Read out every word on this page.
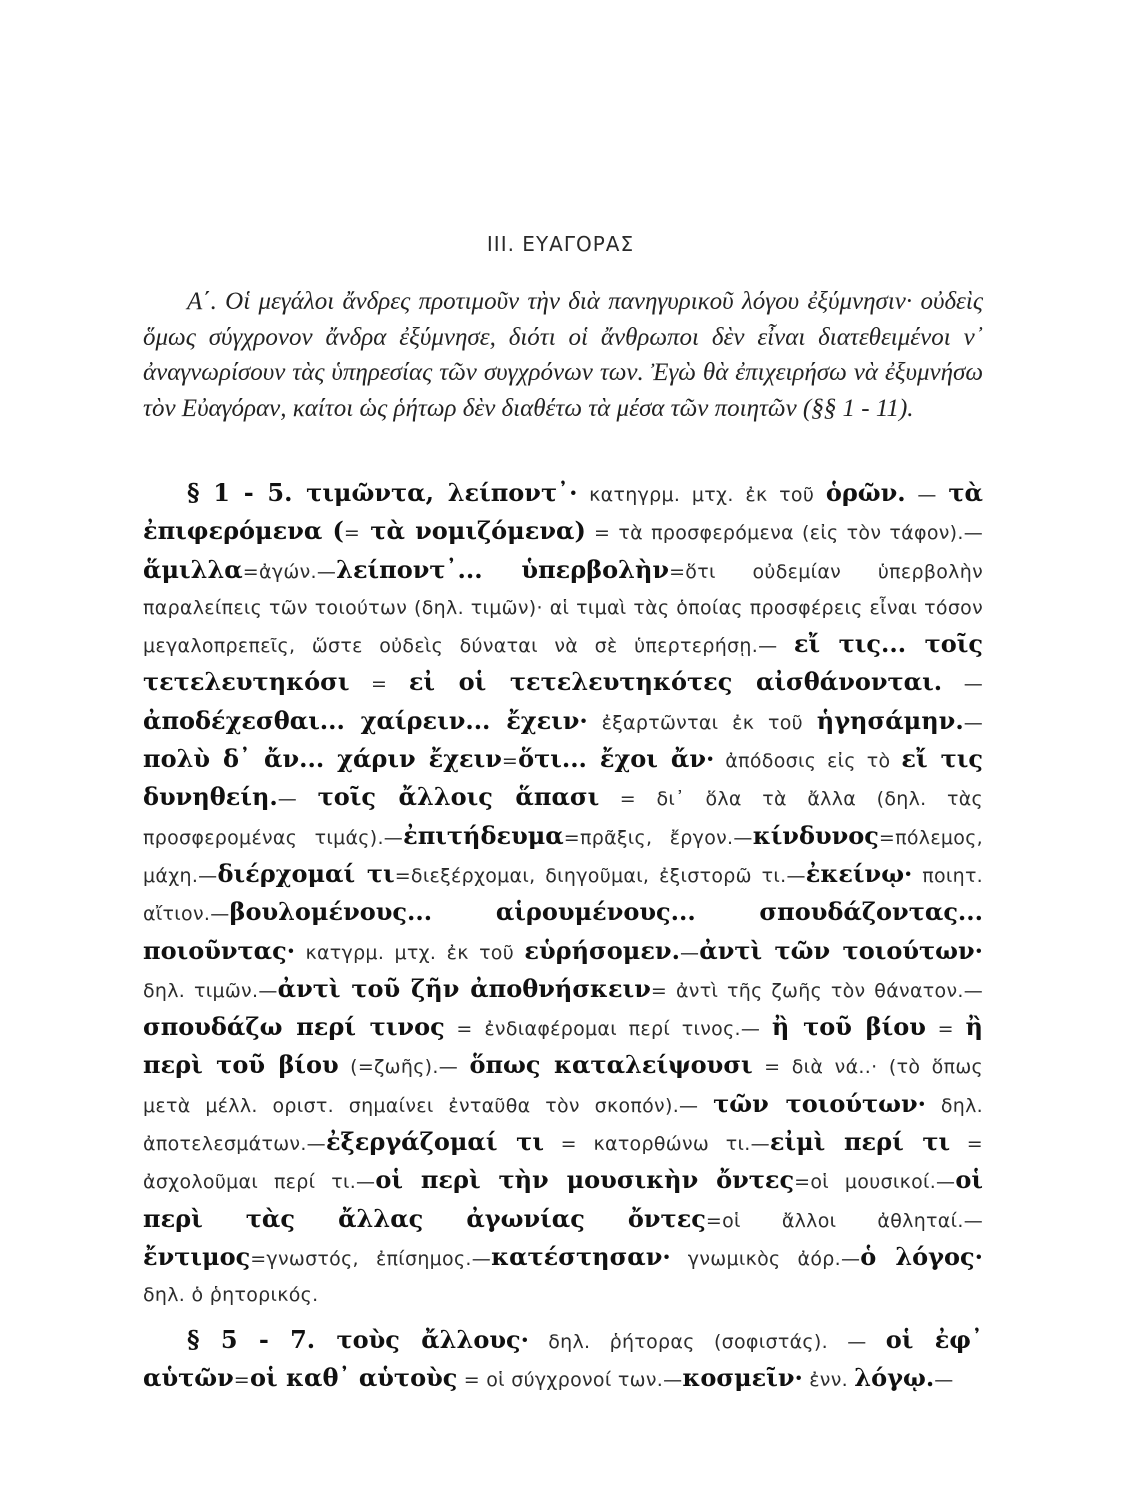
III. ΕΥΑΓΟΡΑΣ

Α΄. Οἱ μεγάλοι ἄνδρες προτιμοῦν τὴν διὰ πανηγυρικοῦ λόγου ἐξύμνησιν· οὐδεὶς ὅμως σύγχρονον ἄνδρα ἐξύμνησε, διότι οἱ ἄνθρωποι δὲν εἶναι διατεθειμένοι ν᾽ ἀναγνωρίσουν τὰς ὑπηρεσίας τῶν συγχρόνων των. Ἐγὼ θὰ ἐπιχειρήσω νὰ ἐξυμνήσω τὸν Εὐαγόραν, καίτοι ὡς ῥήτωρ δὲν διαθέτω τὰ μέσα τῶν ποιητῶν (§§ 1 - 11).

§ 1 - 5. τιμῶντα, λείποντ᾽· κατηγρμ. μτχ. ἐκ τοῦ ὁρῶν. — τὰ ἐπιφερόμενα (= τὰ νομιζόμενα) = τὰ προσφερόμενα (εἰς τὸν τάφον).—ἅμιλλα=ἀγών.—λείποντ᾽... ὑπερβολὴν=ὅτι οὐδεμίαν ὑπερβολὴν παραλείπεις τῶν τοιούτων (δηλ. τιμῶν)· αἱ τιμαὶ τὰς ὁποίας προσφέρεις εἶναι τόσον μεγαλοπρεπεῖς, ὥστε οὐδεὶς δύναται νὰ σὲ ὑπερτερήσῃ.— εἴ τις... τοῖς τετελευτηκόσι = εἰ οἱ τετελευτηκότες αἰσθάνονται. — ἀποδέχεσθαι... χαίρειν... ἔχειν· ἐξαρτῶνται ἐκ τοῦ ἡγησάμην.—πολὺ δ᾽ ἄν... χάριν ἔχειν=ὅτι... ἔχοι ἄν· ἀπόδοσις εἰς τὸ εἴ τις δυνηθείη.— τοῖς ἄλλοις ἅπασι = δι᾽ ὅλα τὰ ἄλλα (δηλ. τὰς προσφερομένας τιμάς).—ἐπιτήδευμα=πρᾶξις, ἔργον.—κίνδυνος=πόλεμος, μάχη.—διέρχομαί τι=διεξέρχομαι, διηγοῦμαι, ἐξιστορῶ τι.—ἐκείνῳ· ποιητ. αἴτιον.—βουλομένους... αἱρουμένους... σπουδάζοντας... ποιοῦντας· κατγρμ. μτχ. ἐκ τοῦ εὑρήσομεν.—ἀντὶ τῶν τοιούτων· δηλ. τιμῶν.—ἀντὶ τοῦ ζῆν ἀποθνήσκειν= ἀντὶ τῆς ζωῆς τὸν θάνατον.— σπουδάζω περί τινος = ἐνδιαφέρομαι περί τινος.— ἢ τοῦ βίου = ἢ περὶ τοῦ βίου (=ζωῆς).— ὅπως καταλείψουσι = διὰ νά..· (τὸ ὅπως μετὰ μέλλ. οριστ. σημαίνει ἐνταῦθα τὸν σκοπόν).— τῶν τοιούτων· δηλ. ἀποτελεσμάτων.—ἐξεργάζομαί τι = κατορθώνω τι.—εἰμὶ περί τι = ἀσχολοῦμαι περί τι.—οἱ περὶ τὴν μουσικὴν ὄντες=οἱ μουσικοί.—οἱ περὶ τὰς ἄλλας ἀγωνίας ὄντες=οἱ ἄλλοι ἀθληταί.—ἔντιμος=γνωστός, ἐπίσημος.—κατέστησαν· γνωμικὸς ἀόρ.—ὁ λόγος· δηλ. ὁ ῥητορικός.

§ 5 - 7. τοὺς ἄλλους· δηλ. ῥήτορας (σοφιστάς). — οἱ ἐφ᾽ αὑτῶν=οἱ καθ᾽ αὑτοὺς = οἱ σύγχρονοί των.—κοσμεῖν· ἐνν. λόγῳ.—
